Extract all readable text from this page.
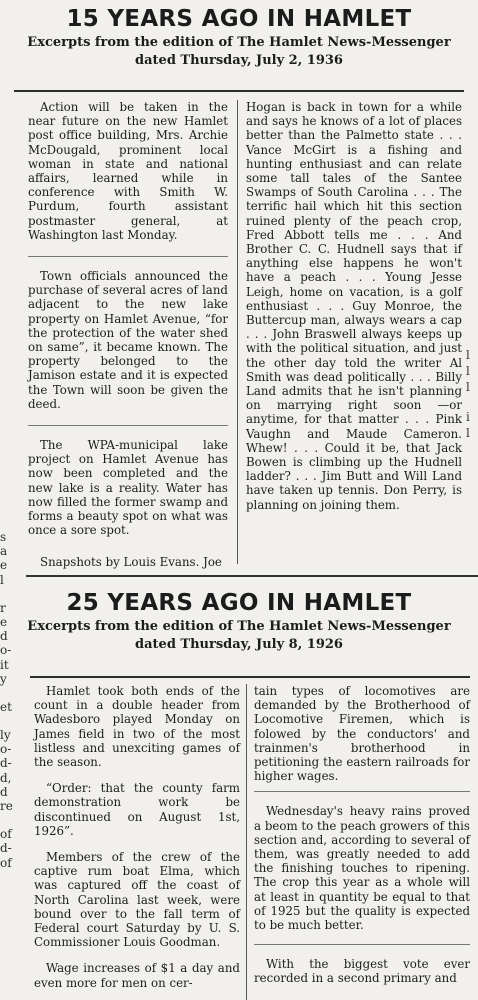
15 YEARS AGO IN HAMLET
Excerpts from the edition of The Hamlet News-Messenger
dated Thursday, July 2, 1936

Action will be taken in the near future on the new Hamlet post office building, Mrs. Archie McDougald, prominent local woman in state and national affairs, learned while in conference with Smith W. Purdum, fourth assistant postmaster general, at Washington last Monday.

Town officials announced the purchase of several acres of land adjacent to the new lake property on Hamlet Avenue, “for the protection of the water shed on same”, it became known. The property belonged to the Jamison estate and it is expected the Town will soon be given the deed.

The WPA-municipal lake project on Hamlet Avenue has now been completed and the new lake is a reality. Water has now filled the former swamp and forms a beauty spot on what was once a sore spot.

Snapshots by Louis Evans. Joe

Hogan is back in town for a while and says he knows of a lot of places better than the Palmetto state . . . Vance McGirt is a fishing and hunting enthusiast and can relate some tall tales of the Santee Swamps of South Carolina . . . The terrific hail which hit this section ruined plenty of the peach crop, Fred Abbott tells me . . . And Brother C. C. Hudnell says that if anything else happens he won't have a peach . . . Young Jesse Leigh, home on vacation, is a golf enthusiast . . . Guy Monroe, the Buttercup man, always wears a cap . . . John Braswell always keeps up with the political situation, and just the other day told the writer Al Smith was dead politically . . . Billy Land admits that he isn't planning on marrying right soon —or anytime, for that matter . . . Pink Vaughn and Maude Cameron. Whew! . . . Could it be, that Jack Bowen is climbing up the Hudnell ladder? . . . Jim Butt and Will Land have taken up tennis. Don Perry, is planning on joining them.

25 YEARS AGO IN HAMLET
Excerpts from the edition of The Hamlet News-Messenger
dated Thursday, July 8, 1926

Hamlet took both ends of the count in a double header from Wadesboro played Monday on James field in two of the most listless and unexciting games of the season.

“Order: that the county farm demonstration work be discontinued on August 1st, 1926”.

Members of the crew of the captive rum boat Elma, which was captured off the coast of North Carolina last week, were bound over to the fall term of Federal court Saturday by U. S. Commissioner Louis Goodman.

Wage increases of $1 a day and even more for men on cer-

tain types of locomotives are demanded by the Brotherhood of Locomotive Firemen, which is folowed by the conductors' and trainmen's brotherhood in petitioning the eastern railroads for higher wages.

Wednesday's heavy rains proved a beom to the peach growers of this section and, according to several of them, was greatly needed to add the finishing touches to ripening. The crop this year as a whole will at least in quantity be equal to that of 1925 but the quality is expected to be much better.

With the biggest vote ever recorded in a second primary and

s
a
e
l
r
e
d
o-
it
y
et
ly
o-
d-
d,
d
re
of
d-
of
l
l
l
i
l
